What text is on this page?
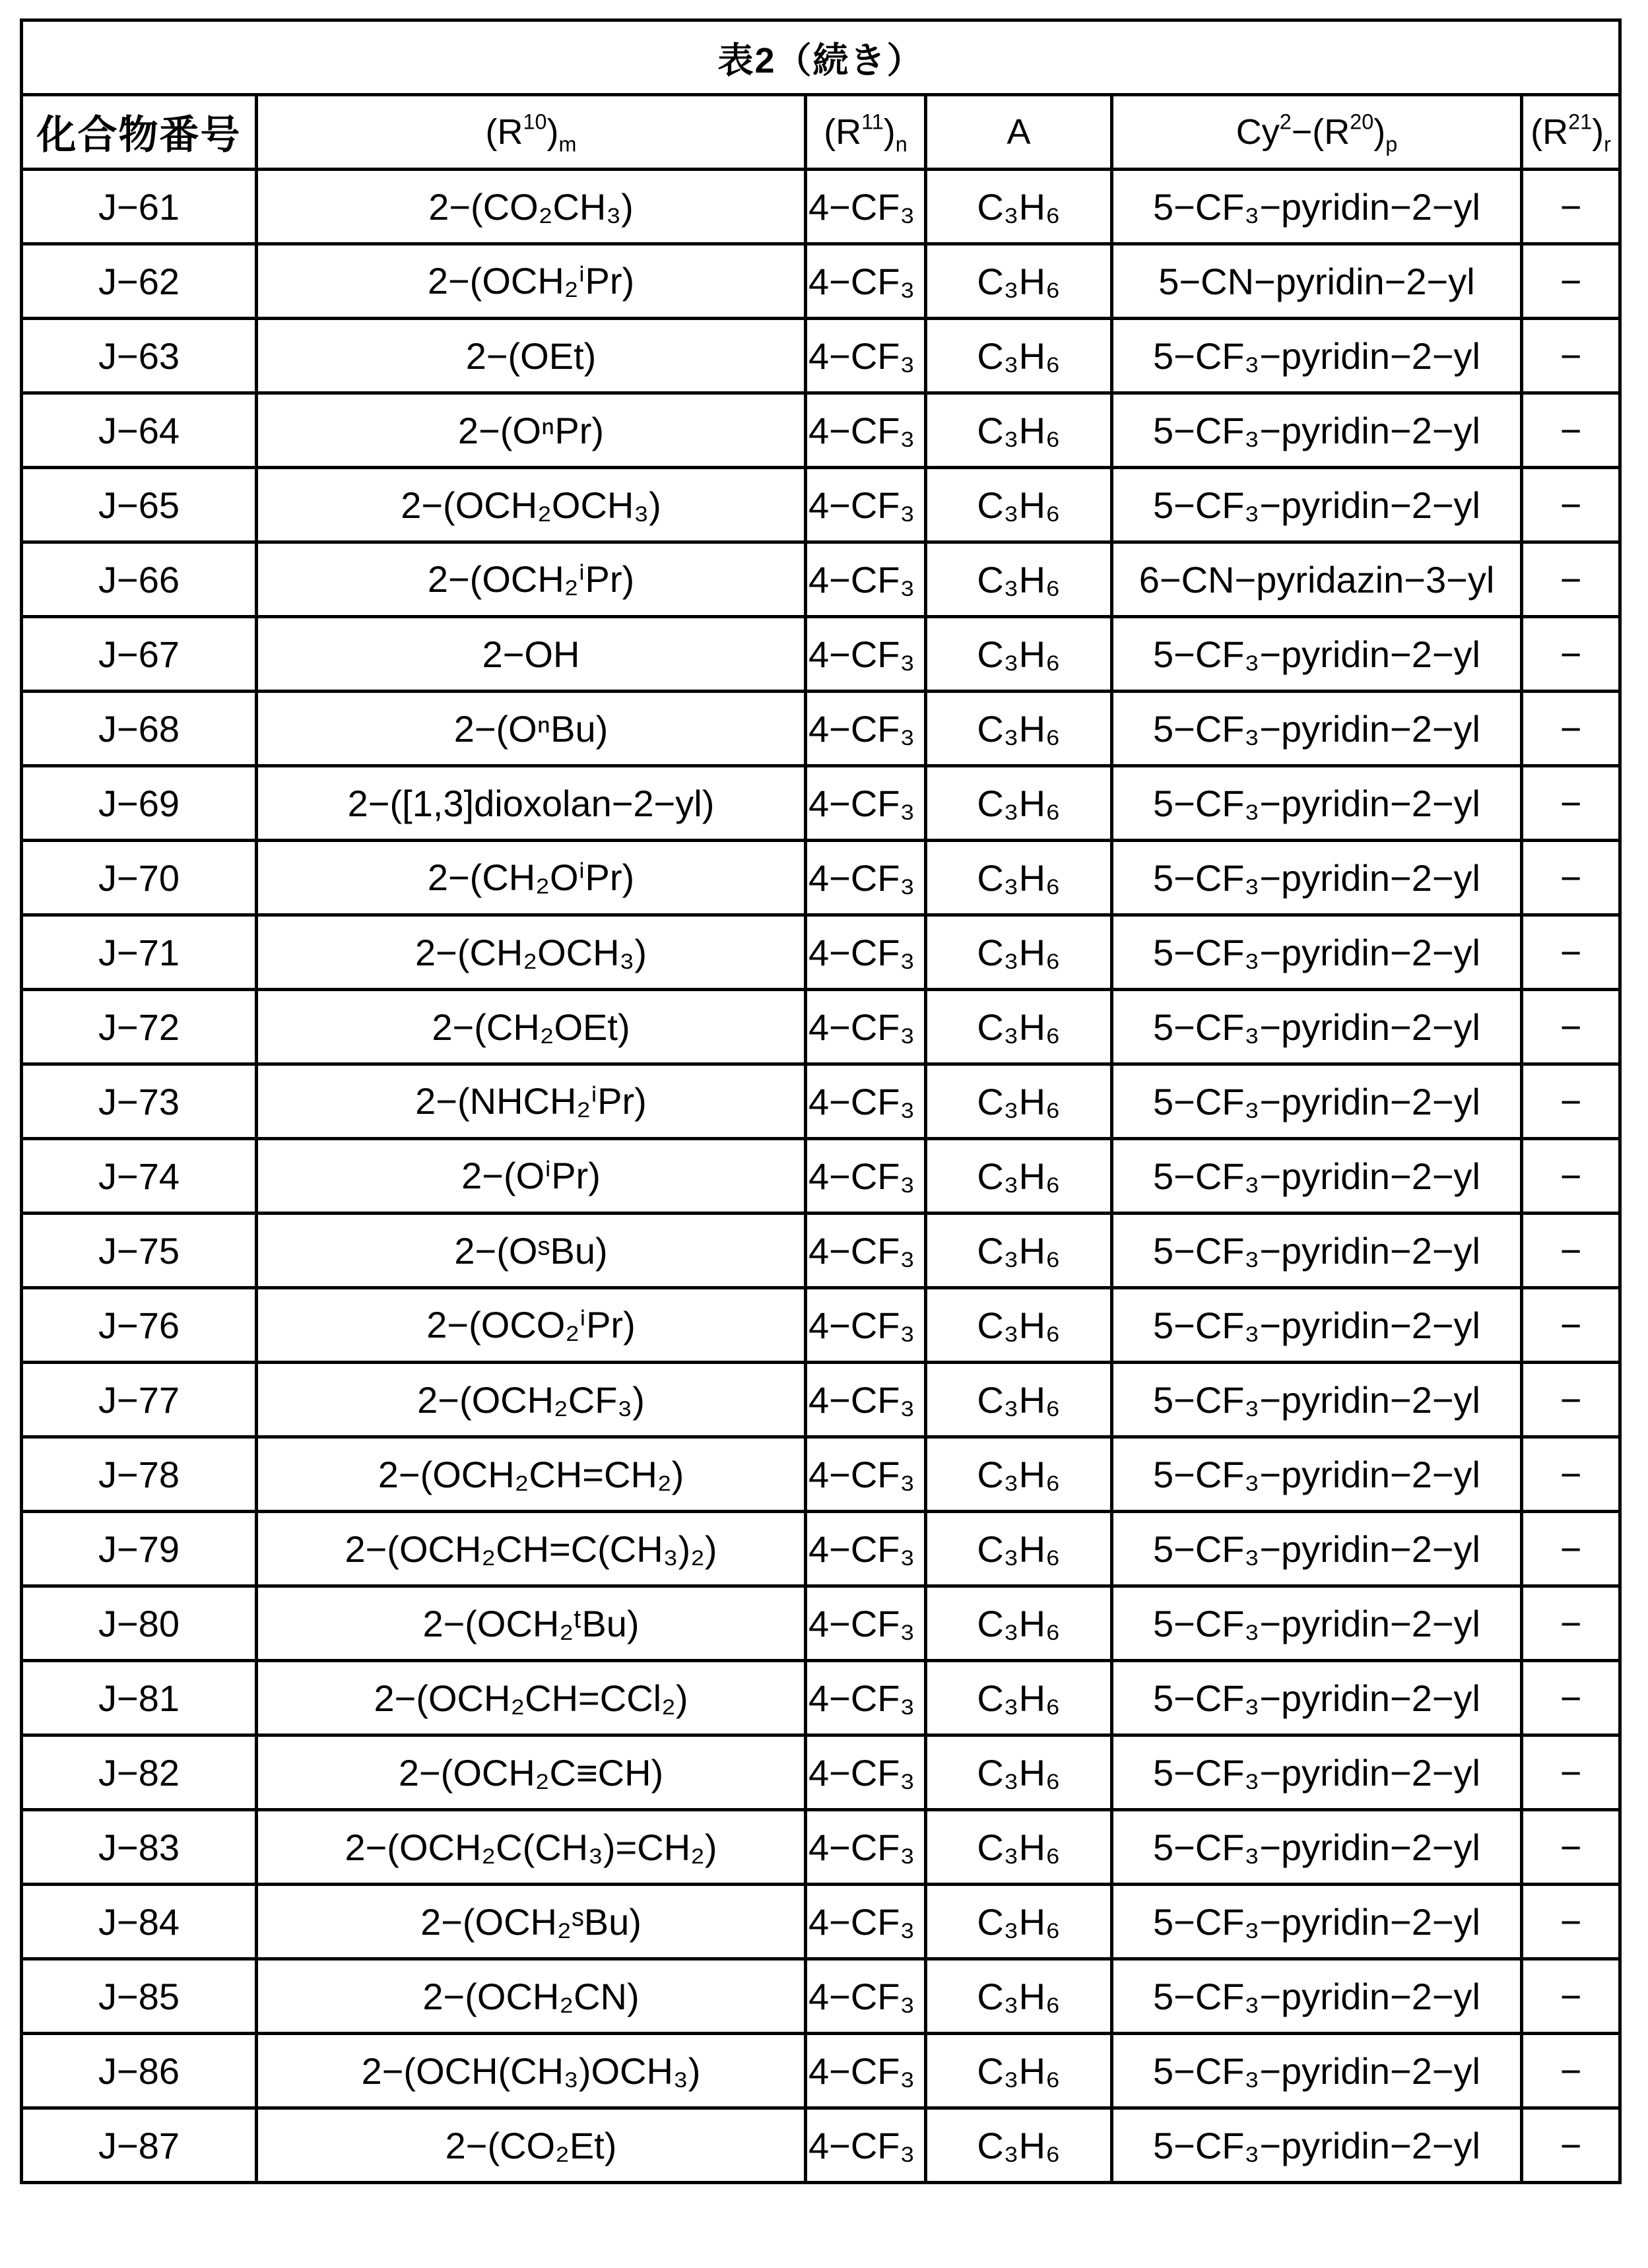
表2（続き）					
化合物番号	$(R^{10})_m$	$(R^{11})_n$	A	$Cy^2-(R^{20})_p$	$(R^{21})_r$
J−61	2−(CO₂CH₃)	4−CF₃	C₃H₆	5−CF₃−pyridin−2−yl	−
J−62	2−(OCH₂ⁱPr)	4−CF₃	C₃H₆	5−CN−pyridin−2−yl	−
J−63	2−(OEt)	4−CF₃	C₃H₆	5−CF₃−pyridin−2−yl	−
J−64	2−(OⁿPr)	4−CF₃	C₃H₆	5−CF₃−pyridin−2−yl	−
J−65	2−(OCH₂OCH₃)	4−CF₃	C₃H₆	5−CF₃−pyridin−2−yl	−
J−66	2−(OCH₂ⁱPr)	4−CF₃	C₃H₆	6−CN−pyridazin−3−yl	−
J−67	2−OH	4−CF₃	C₃H₆	5−CF₃−pyridin−2−yl	−
J−68	2−(OⁿBu)	4−CF₃	C₃H₆	5−CF₃−pyridin−2−yl	−
J−69	2−([1,3]dioxolan−2−yl)	4−CF₃	C₃H₆	5−CF₃−pyridin−2−yl	−
J−70	2−(CH₂OⁱPr)	4−CF₃	C₃H₆	5−CF₃−pyridin−2−yl	−
J−71	2−(CH₂OCH₃)	4−CF₃	C₃H₆	5−CF₃−pyridin−2−yl	−
J−72	2−(CH₂OEt)	4−CF₃	C₃H₆	5−CF₃−pyridin−2−yl	−
J−73	2−(NHCH₂ⁱPr)	4−CF₃	C₃H₆	5−CF₃−pyridin−2−yl	−
J−74	2−(OⁱPr)	4−CF₃	C₃H₆	5−CF₃−pyridin−2−yl	−
J−75	2−(OˢBu)	4−CF₃	C₃H₆	5−CF₃−pyridin−2−yl	−
J−76	2−(OCO₂ⁱPr)	4−CF₃	C₃H₆	5−CF₃−pyridin−2−yl	−
J−77	2−(OCH₂CF₃)	4−CF₃	C₃H₆	5−CF₃−pyridin−2−yl	−
J−78	2−(OCH₂CH=CH₂)	4−CF₃	C₃H₆	5−CF₃−pyridin−2−yl	−
J−79	2−(OCH₂CH=C(CH₃)₂)	4−CF₃	C₃H₆	5−CF₃−pyridin−2−yl	−
J−80	2−(OCH₂ᵗBu)	4−CF₃	C₃H₆	5−CF₃−pyridin−2−yl	−
J−81	2−(OCH₂CH=CCl₂)	4−CF₃	C₃H₆	5−CF₃−pyridin−2−yl	−
J−82	2−(OCH₂C≡CH)	4−CF₃	C₃H₆	5−CF₃−pyridin−2−yl	−
J−83	2−(OCH₂C(CH₃)=CH₂)	4−CF₃	C₃H₆	5−CF₃−pyridin−2−yl	−
J−84	2−(OCH₂ˢBu)	4−CF₃	C₃H₆	5−CF₃−pyridin−2−yl	−
J−85	2−(OCH₂CN)	4−CF₃	C₃H₆	5−CF₃−pyridin−2−yl	−
J−86	2−(OCH(CH₃)OCH₃)	4−CF₃	C₃H₆	5−CF₃−pyridin−2−yl	−
J−87	2−(CO₂Et)	4−CF₃	C₃H₆	5−CF₃−pyridin−2−yl	−
